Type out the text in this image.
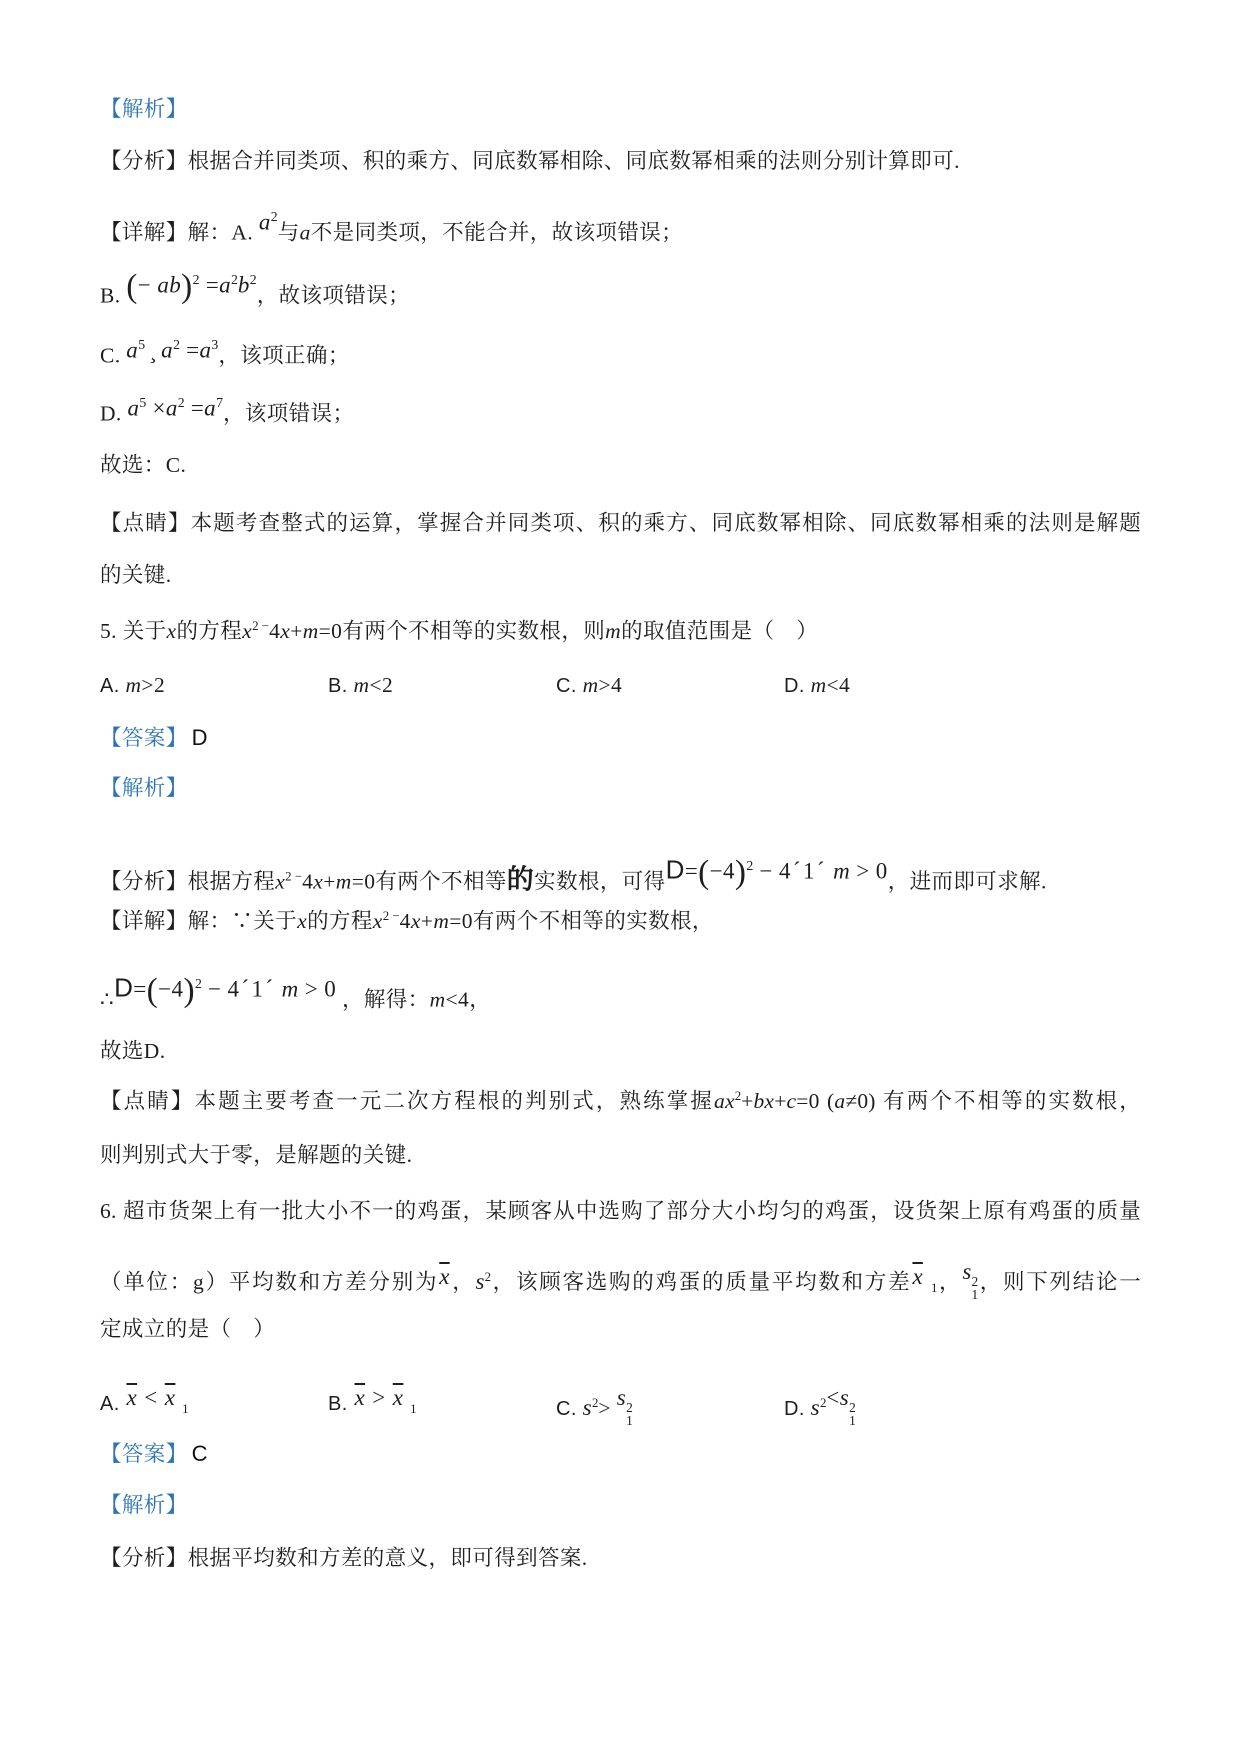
【解析】
【分析】根据合并同类项、积的乘方、同底数幂相除、同底数幂相乘的法则分别计算即可.
【详解】解：A. $a^2$与a不是同类项，不能合并，故该项错误；
B. (− $ab)^2 =a^2b^2$，故该项错误；
C. $a^5$ ¸ $a^2 =a^3$，该项正确；
D. $a^5 \times a^2 =a^7$，该项错误；
故选：C.
【点睛】本题考查整式的运算，掌握合并同类项、积的乘方、同底数幂相除、同底数幂相乘的法则是解题
的关键.
5. 关于x的方程$x^{2 -}4x+m=0$有两个不相等的实数根，则m的取值范围是（　）
A. m>2	B. m<2	C. m>4	D. m<4
【答案】 D
【解析】
【分析】根据方程$x^{2 -}4x+m=0$有两个不相等的实数根，可得$D=(-4)^2$ − 4´1´ m > 0，进而即可求解.
【详解】解：∵关于x的方程$x^{2 -}4x+m=0$有两个不相等的实数根，
$\therefore D=(-4)^2$ − 4´1´ m > 0 ，解得：m<4，
故选D.
【点睛】本题主要考查一元二次方程根的判别式，熟练掌握$ax^2+bx+c=0$ (a≠0) 有两个不相等的实数根，
则判别式大于零，是解题的关键.
6. 超市货架上有一批大小不一的鸡蛋，某顾客从中选购了部分大小均匀的鸡蛋，设货架上原有鸡蛋的质量
（单位：g）平均数和方差分别为$\overline{x}$，$s^2$，该顾客选购的鸡蛋的质量平均数和方差$\overline{x}$ $_1$，s 2
1
，则下列结论一
定成立的是（　）
A. $\overline{x} < \overline{x}$ $_1$	B. $\overline{x} > \overline{x}$ $_1$	C. $s^2> s$ 2
1
D. $s^2<s$ 2
1
【答案】 C
【解析】
【分析】根据平均数和方差的意义，即可得到答案.
